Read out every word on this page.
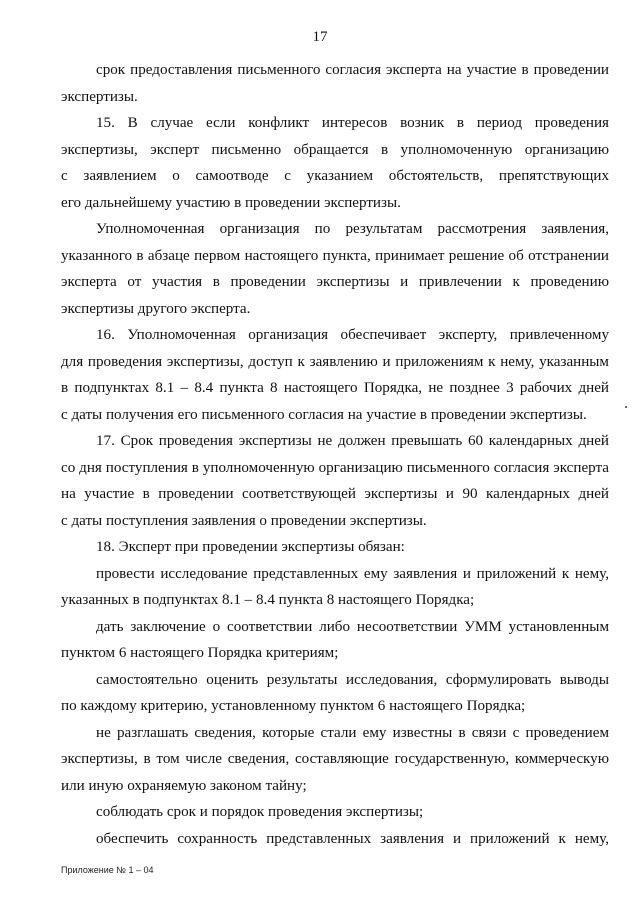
17
срок предоставления письменного согласия эксперта на участие в проведении
экспертизы.
15. В случае если конфликт интересов возник в период проведения
экспертизы, эксперт письменно обращается в уполномоченную организацию
с заявлением о самоотводе с указанием обстоятельств, препятствующих
его дальнейшему участию в проведении экспертизы.
Уполномоченная организация по результатам рассмотрения заявления,
указанного в абзаце первом настоящего пункта, принимает решение об отстранении
эксперта от участия в проведении экспертизы и привлечении к проведению
экспертизы другого эксперта.
16. Уполномоченная организация обеспечивает эксперту, привлеченному
для проведения экспертизы, доступ к заявлению и приложениям к нему, указанным
в подпунктах 8.1 – 8.4 пункта 8 настоящего Порядка, не позднее 3 рабочих дней
с даты получения его письменного согласия на участие в проведении экспертизы.
17. Срок проведения экспертизы не должен превышать 60 календарных дней
со дня поступления в уполномоченную организацию письменного согласия эксперта
на участие в проведении соответствующей экспертизы и 90 календарных дней
с даты поступления заявления о проведении экспертизы.
18. Эксперт при проведении экспертизы обязан:
провести исследование представленных ему заявления и приложений к нему,
указанных в подпунктах 8.1 – 8.4 пункта 8 настоящего Порядка;
дать заключение о соответствии либо несоответствии УММ установленным
пунктом 6 настоящего Порядка критериям;
самостоятельно оценить результаты исследования, сформулировать выводы
по каждому критерию, установленному пунктом 6 настоящего Порядка;
не разглашать сведения, которые стали ему известны в связи с проведением
экспертизы, в том числе сведения, составляющие государственную, коммерческую
или иную охраняемую законом тайну;
соблюдать срок и порядок проведения экспертизы;
обеспечить сохранность представленных заявления и приложений к нему,
Приложение № 1 – 04
